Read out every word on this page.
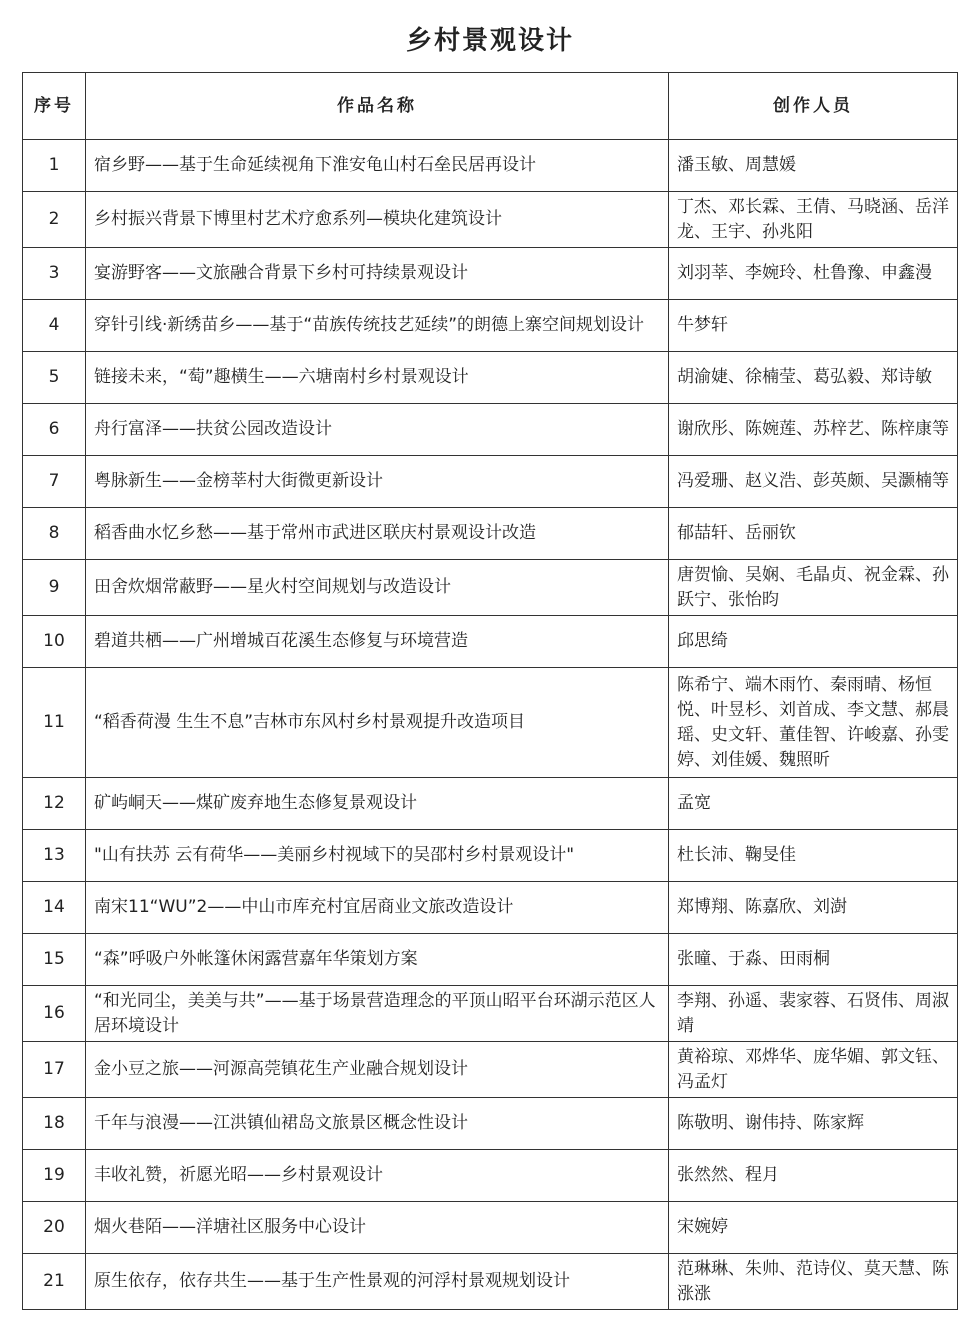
乡村景观设计
序号	作品名称	创作人员
1	宿乡野——基于生命延续视角下淮安龟山村石垒民居再设计	潘玉敏、周慧媛
2	乡村振兴背景下博里村艺术疗愈系列—模块化建筑设计	丁杰、邓长霖、王倩、马晓涵、岳洋龙、王宇、孙兆阳
3	宴游野客——文旅融合背景下乡村可持续景观设计	刘羽莘、李婉玲、杜鲁豫、申鑫漫
4	穿针引线·新绣苗乡——基于“苗族传统技艺延续”的朗德上寨空间规划设计	牛梦轩
5	链接未来，“萄”趣横生——六塘南村乡村景观设计	胡渝婕、徐楠莹、葛弘毅、郑诗敏
6	舟行富泽——扶贫公园改造设计	谢欣彤、陈婉莲、苏梓艺、陈梓康等
7	粤脉新生——金榜莘村大街微更新设计	冯爱珊、赵义浩、彭英颇、吴灏楠等
8	稻香曲水忆乡愁——基于常州市武进区联庆村景观设计改造	郁喆轩、岳丽钦
9	田舍炊烟常蔽野——星火村空间规划与改造设计	唐贺愉、吴娴、毛晶贞、祝金霖、孙跃宁、张怡昀
10	碧道共栖——广州增城百花溪生态修复与环境营造	邱思绮
11	“稻香荷漫 生生不息”吉林市东风村乡村景观提升改造项目	陈希宁、端木雨竹、秦雨晴、杨恒悦、叶昱杉、刘首成、李文慧、郝晨瑶、史文轩、董佳智、许峻嘉、孙雯婷、刘佳媛、魏照昕
12	矿屿峒天——煤矿废弃地生态修复景观设计	孟宽
13	"山有扶苏 云有荷华——美丽乡村视域下的吴邵村乡村景观设计"	杜长沛、鞠旻佳
14	南宋11“WU”2——中山市库充村宜居商业文旅改造设计	郑博翔、陈嘉欣、刘澍
15	“森”呼吸户外帐篷休闲露营嘉年华策划方案	张曈、于淼、田雨桐
16	“和光同尘，美美与共”——基于场景营造理念的平顶山昭平台环湖示范区人居环境设计	李翔、孙遥、裴家蓉、石贤伟、周淑靖
17	金小豆之旅——河源高莞镇花生产业融合规划设计	黄裕琼、邓烨华、庞华媚、郭文钰、冯孟灯
18	千年与浪漫——江洪镇仙裙岛文旅景区概念性设计	陈敬明、谢伟持、陈家辉
19	丰收礼赞，祈愿光昭——乡村景观设计	张然然、程月
20	烟火巷陌——洋塘社区服务中心设计	宋婉婷
21	原生依存，依存共生——基于生产性景观的河浮村景观规划设计	范琳琳、朱帅、范诗仪、莫天慧、陈涨涨
